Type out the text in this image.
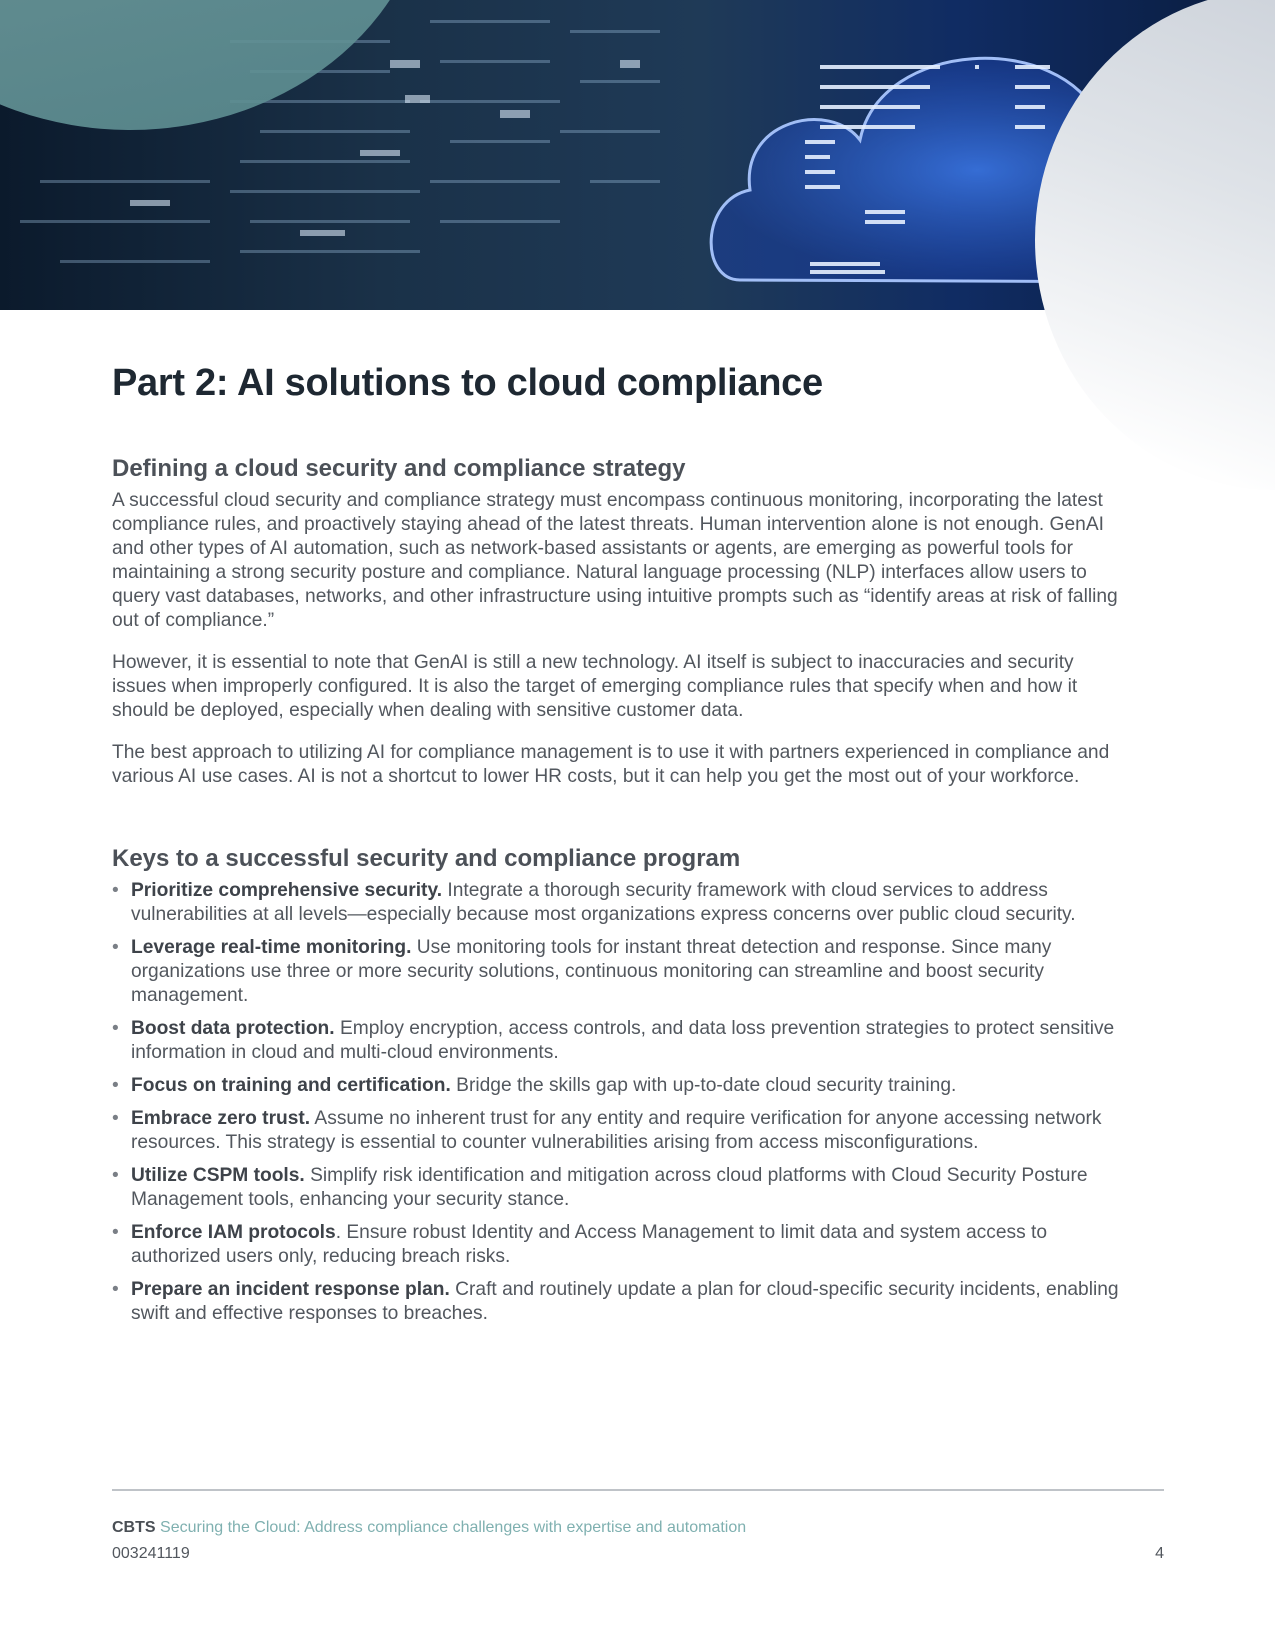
Part 2: AI solutions to cloud compliance
Defining a cloud security and compliance strategy

A successful cloud security and compliance strategy must encompass continuous monitoring, incorporating the latest compliance rules, and proactively staying ahead of the latest threats. Human intervention alone is not enough. GenAI and other types of AI automation, such as network-based assistants or agents, are emerging as powerful tools for maintaining a strong security posture and compliance. Natural language processing (NLP) interfaces allow users to query vast databases, networks, and other infrastructure using intuitive prompts such as “identify areas at risk of falling out of compliance.”

However, it is essential to note that GenAI is still a new technology. AI itself is subject to inaccuracies and security issues when improperly configured. It is also the target of emerging compliance rules that specify when and how it should be deployed, especially when dealing with sensitive customer data.

The best approach to utilizing AI for compliance management is to use it with partners experienced in compliance and various AI use cases. AI is not a shortcut to lower HR costs, but it can help you get the most out of your workforce.

Keys to a successful security and compliance program
• Prioritize comprehensive security. Integrate a thorough security framework with cloud services to address vulnerabilities at all levels—especially because most organizations express concerns over public cloud security.
• Leverage real-time monitoring. Use monitoring tools for instant threat detection and response. Since many organizations use three or more security solutions, continuous monitoring can streamline and boost security management.
• Boost data protection. Employ encryption, access controls, and data loss prevention strategies to protect sensitive information in cloud and multi-cloud environments.
• Focus on training and certification. Bridge the skills gap with up-to-date cloud security training.
• Embrace zero trust. Assume no inherent trust for any entity and require verification for anyone accessing network resources. This strategy is essential to counter vulnerabilities arising from access misconfigurations.
• Utilize CSPM tools. Simplify risk identification and mitigation across cloud platforms with Cloud Security Posture Management tools, enhancing your security stance.
• Enforce IAM protocols. Ensure robust Identity and Access Management to limit data and system access to authorized users only, reducing breach risks.
• Prepare an incident response plan. Craft and routinely update a plan for cloud-specific security incidents, enabling swift and effective responses to breaches.
CBTS Securing the Cloud: Address compliance challenges with expertise and automation
003241119	4
